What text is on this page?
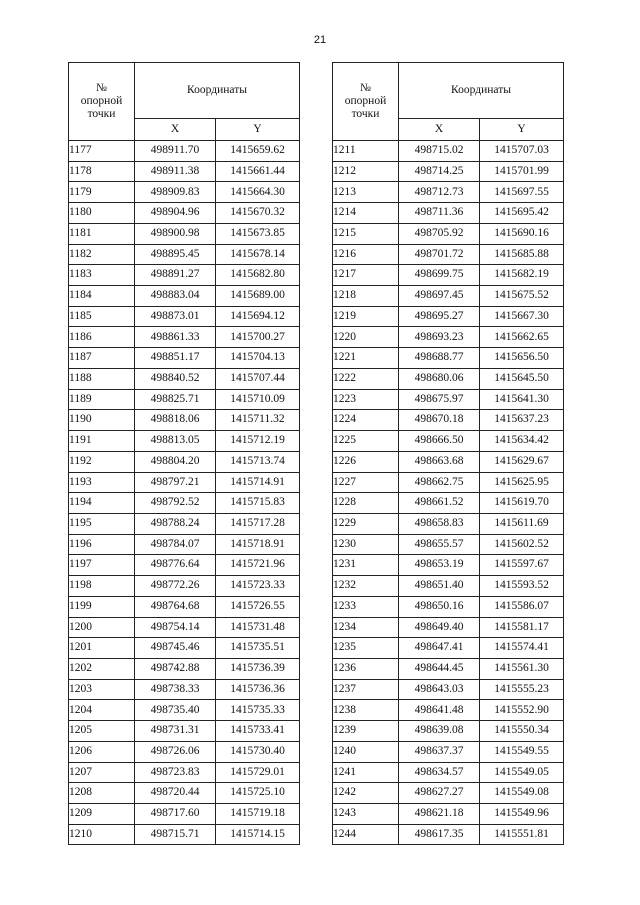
21
№
опорной
точки	Координаты	
	X	Y
1177	498911.70	1415659.62
1178	498911.38	1415661.44
1179	498909.83	1415664.30
1180	498904.96	1415670.32
1181	498900.98	1415673.85
1182	498895.45	1415678.14
1183	498891.27	1415682.80
1184	498883.04	1415689.00
1185	498873.01	1415694.12
1186	498861.33	1415700.27
1187	498851.17	1415704.13
1188	498840.52	1415707.44
1189	498825.71	1415710.09
1190	498818.06	1415711.32
1191	498813.05	1415712.19
1192	498804.20	1415713.74
1193	498797.21	1415714.91
1194	498792.52	1415715.83
1195	498788.24	1415717.28
1196	498784.07	1415718.91
1197	498776.64	1415721.96
1198	498772.26	1415723.33
1199	498764.68	1415726.55
1200	498754.14	1415731.48
1201	498745.46	1415735.51
1202	498742.88	1415736.39
1203	498738.33	1415736.36
1204	498735.40	1415735.33
1205	498731.31	1415733.41
1206	498726.06	1415730.40
1207	498723.83	1415729.01
1208	498720.44	1415725.10
1209	498717.60	1415719.18
1210	498715.71	1415714.15
№
опорной
точки	Координаты	
	X	Y
1211	498715.02	1415707.03
1212	498714.25	1415701.99
1213	498712.73	1415697.55
1214	498711.36	1415695.42
1215	498705.92	1415690.16
1216	498701.72	1415685.88
1217	498699.75	1415682.19
1218	498697.45	1415675.52
1219	498695.27	1415667.30
1220	498693.23	1415662.65
1221	498688.77	1415656.50
1222	498680.06	1415645.50
1223	498675.97	1415641.30
1224	498670.18	1415637.23
1225	498666.50	1415634.42
1226	498663.68	1415629.67
1227	498662.75	1415625.95
1228	498661.52	1415619.70
1229	498658.83	1415611.69
1230	498655.57	1415602.52
1231	498653.19	1415597.67
1232	498651.40	1415593.52
1233	498650.16	1415586.07
1234	498649.40	1415581.17
1235	498647.41	1415574.41
1236	498644.45	1415561.30
1237	498643.03	1415555.23
1238	498641.48	1415552.90
1239	498639.08	1415550.34
1240	498637.37	1415549.55
1241	498634.57	1415549.05
1242	498627.27	1415549.08
1243	498621.18	1415549.96
1244	498617.35	1415551.81
